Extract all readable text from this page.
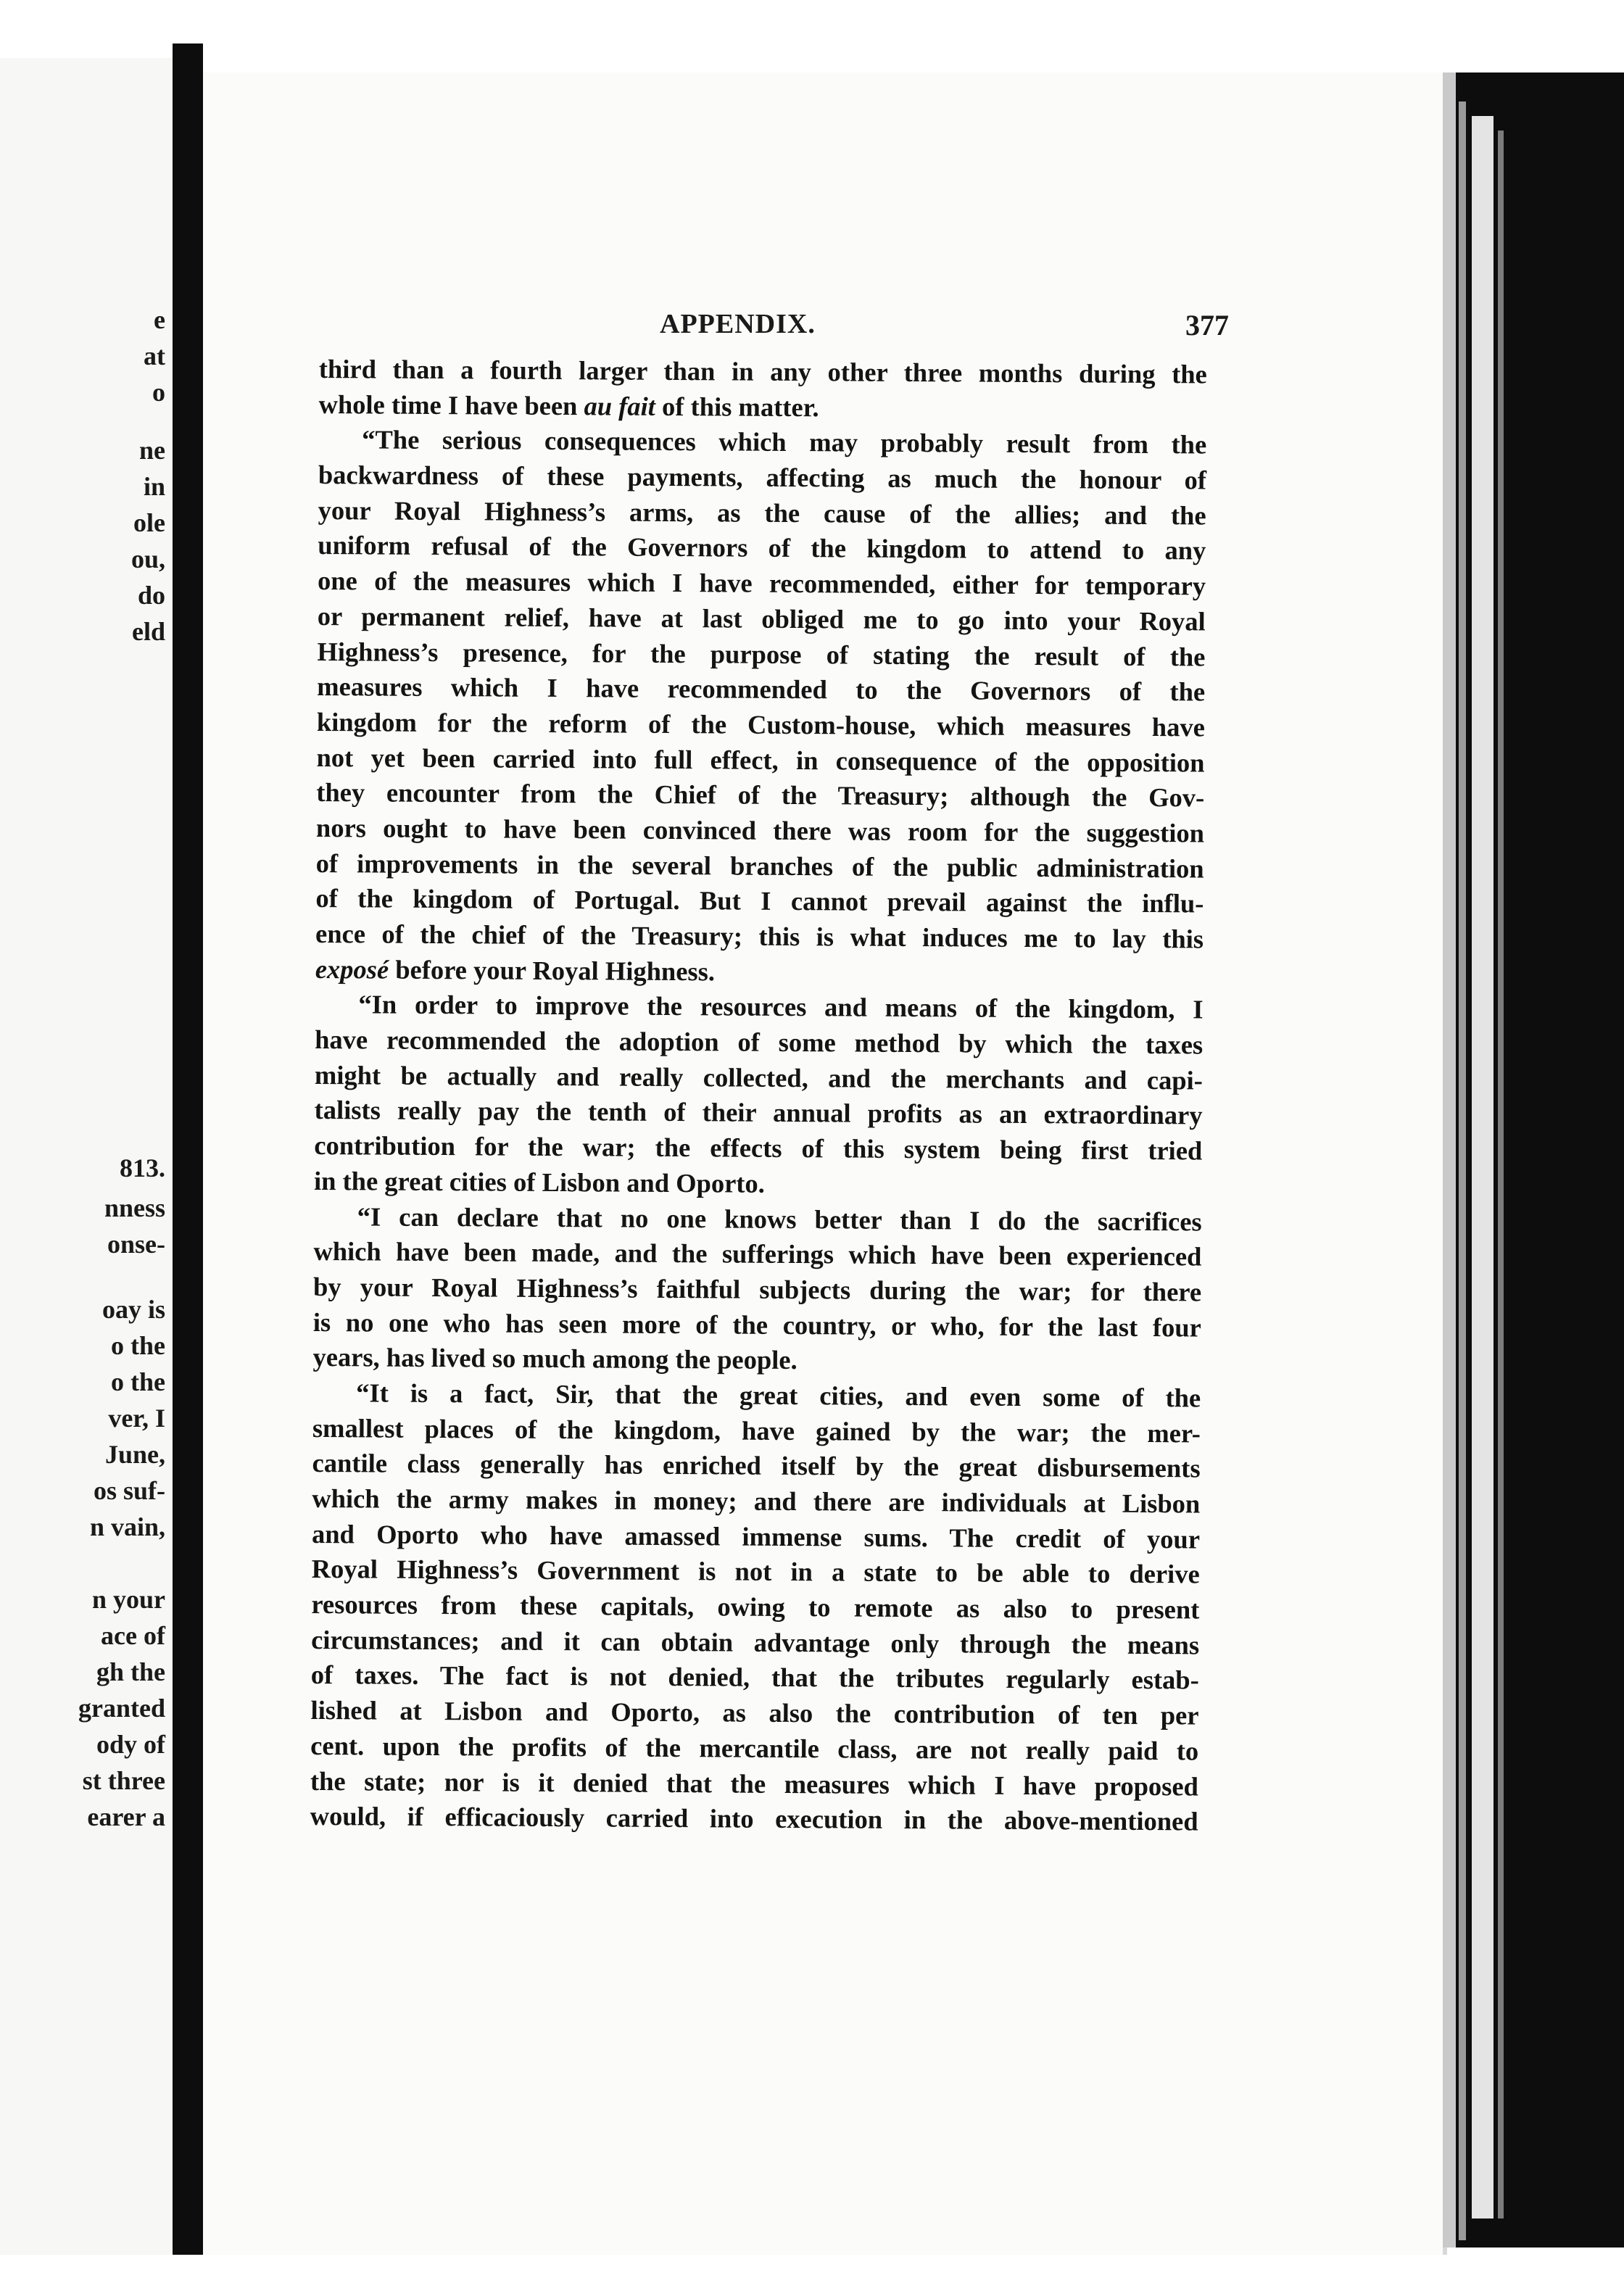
e
at
o
ne
in
ole
ou,
do
eld
813.
nness
onse-
oay is
o the
o the
ver, I
June,
os suf-
n vain,
n your
ace of
gh the
granted
ody of
st three
earer a
APPENDIX.	377
third than a fourth larger than in any other three months during the
whole time I have been au fait of this matter.
“The serious consequences which may probably result from the
backwardness of these payments, affecting as much the honour of
your Royal Highness’s arms, as the cause of the allies; and the
uniform refusal of the Governors of the kingdom to attend to any
one of the measures which I have recommended, either for temporary
or permanent relief, have at last obliged me to go into your Royal
Highness’s presence, for the purpose of stating the result of the
measures which I have recommended to the Governors of the
kingdom for the reform of the Custom-house, which measures have
not yet been carried into full effect, in consequence of the opposition
they encounter from the Chief of the Treasury; although the Gov-
nors ought to have been convinced there was room for the suggestion
of improvements in the several branches of the public administration
of the kingdom of Portugal. But I cannot prevail against the influ-
ence of the chief of the Treasury; this is what induces me to lay this
exposé before your Royal Highness.
“In order to improve the resources and means of the kingdom, I
have recommended the adoption of some method by which the taxes
might be actually and really collected, and the merchants and capi-
talists really pay the tenth of their annual profits as an extraordinary
contribution for the war; the effects of this system being first tried
in the great cities of Lisbon and Oporto.
“I can declare that no one knows better than I do the sacrifices
which have been made, and the sufferings which have been experienced
by your Royal Highness’s faithful subjects during the war; for there
is no one who has seen more of the country, or who, for the last four
years, has lived so much among the people.
“It is a fact, Sir, that the great cities, and even some of the
smallest places of the kingdom, have gained by the war; the mer-
cantile class generally has enriched itself by the great disbursements
which the army makes in money; and there are individuals at Lisbon
and Oporto who have amassed immense sums. The credit of your
Royal Highness’s Government is not in a state to be able to derive
resources from these capitals, owing to remote as also to present
circumstances; and it can obtain advantage only through the means
of taxes. The fact is not denied, that the tributes regularly estab-
lished at Lisbon and Oporto, as also the contribution of ten per
cent. upon the profits of the mercantile class, are not really paid to
the state; nor is it denied that the measures which I have proposed
would, if efficaciously carried into execution in the above-mentioned
